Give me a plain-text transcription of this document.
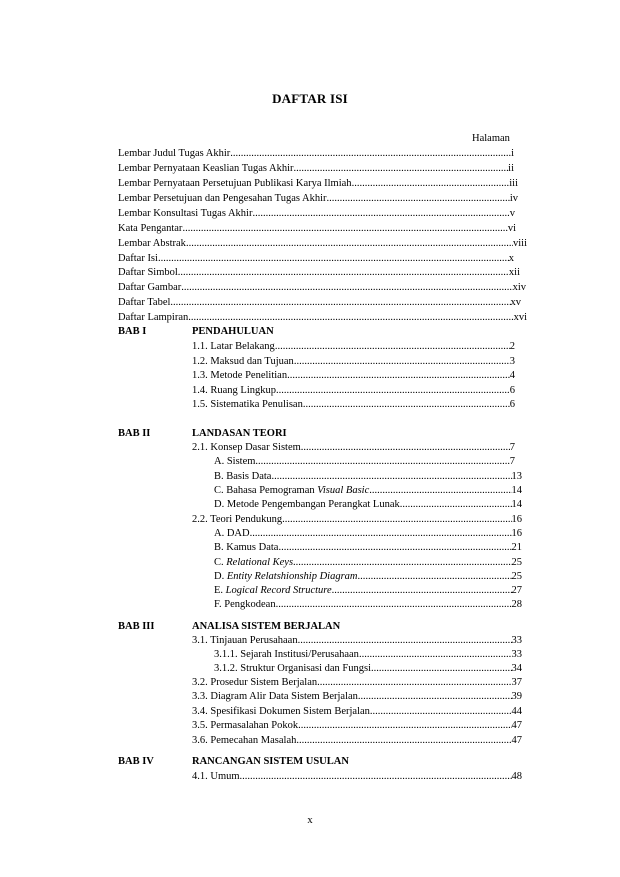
DAFTAR ISI
Halaman
Lembar Judul Tugas Akhir .....	i
Lembar Pernyataan Keaslian Tugas Akhir .....	ii
Lembar Pernyataan Persetujuan Publikasi Karya Ilmiah .....	iii
Lembar Persetujuan dan Pengesahan Tugas Akhir .....	iv
Lembar Konsultasi Tugas Akhir .....	v
Kata Pengantar .....	vi
Lembar Abstrak .....	viii
Daftar Isi .....	x
Daftar Simbol .....	xii
Daftar Gambar .....	xiv
Daftar Tabel .....	xv
Daftar Lampiran .....	xvi
BAB I	PENDAHULUAN
1.1. Latar Belakang .....	2
1.2. Maksud dan Tujuan .....	3
1.3. Metode Penelitian .....	4
1.4. Ruang Lingkup .....	6
1.5. Sistematika Penulisan .....	6
BAB II	LANDASAN TEORI
2.1. Konsep Dasar Sistem .....	7
A. Sistem .....	7
B. Basis Data .....	13
C. Bahasa Pemograman Visual Basic .....	14
D. Metode Pengembangan Perangkat Lunak .....	14
2.2. Teori Pendukung .....	16
A. DAD .....	16
B. Kamus Data .....	21
C. Relational Keys .....	25
D. Entity Relatshionship Diagram .....	25
E. Logical Record Structure .....	27
F. Pengkodean .....	28
BAB III	ANALISA SISTEM BERJALAN
3.1. Tinjauan Perusahaan .....	33
3.1.1. Sejarah Institusi/Perusahaan .....	33
3.1.2. Struktur Organisasi dan Fungsi .....	34
3.2. Prosedur Sistem Berjalan .....	37
3.3. Diagram Alir Data Sistem Berjalan .....	39
3.4. Spesifikasi Dokumen Sistem Berjalan .....	44
3.5. Permasalahan Pokok .....	47
3.6. Pemecahan Masalah .....	47
BAB IV	RANCANGAN SISTEM USULAN
4.1. Umum .....	48
x
